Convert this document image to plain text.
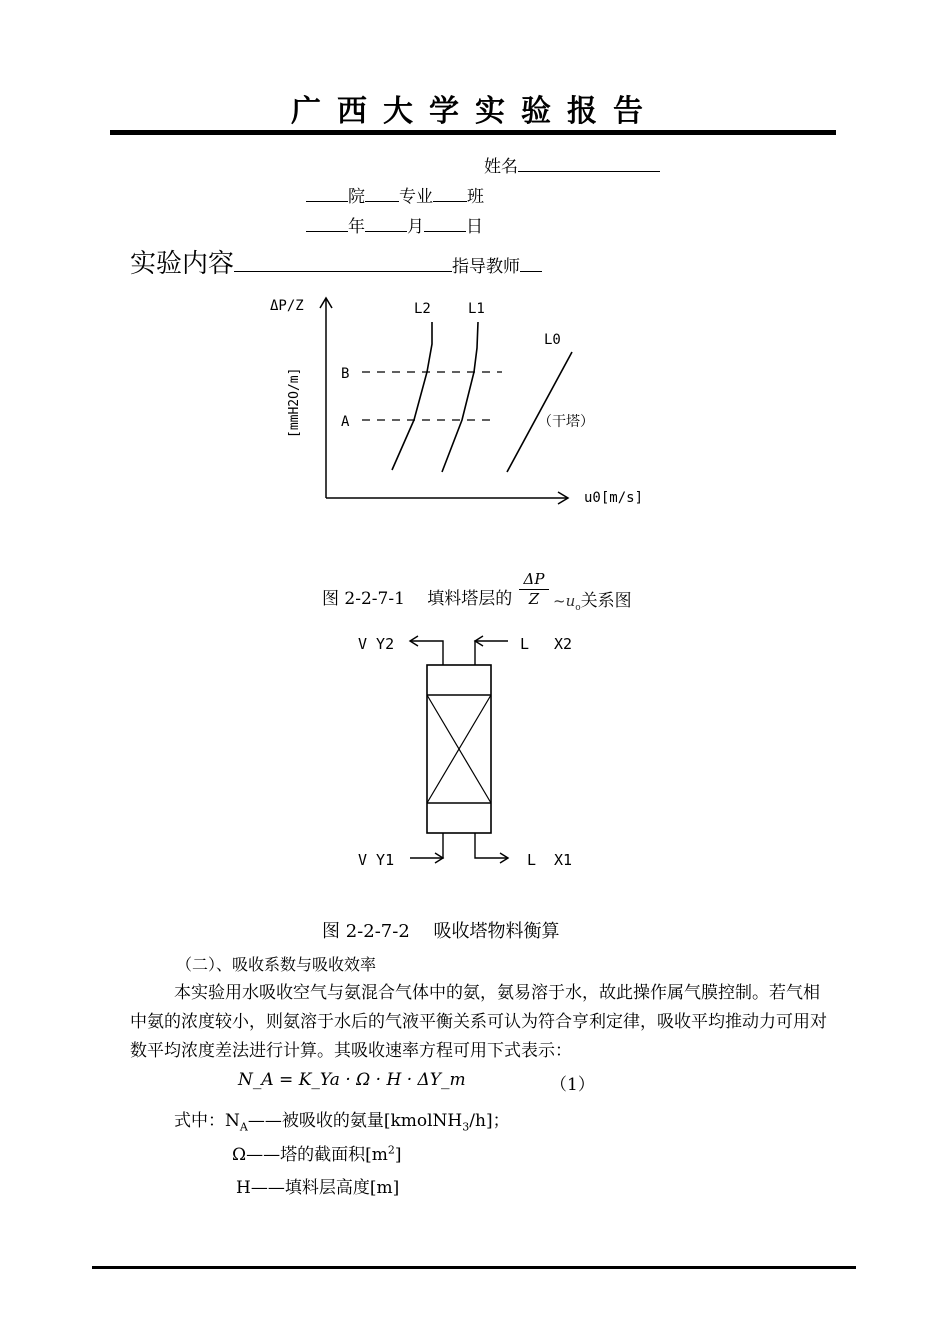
广西大学实验报告
姓名
院 专业 班
年 月 日
实验内容	指导教师
ΔP/Z
[mmH2O/m]
L2	L1
L0
B
A	（干塔）
u0[m/s]
图 2-2-7-1　 填料塔层的 $\frac{\Delta P}{Z}$ $\sim u_o$关系图
V Y2	L X2
V Y1	L X1
图 2-2-7-2　 吸收塔物料衡算
（二）、吸收系数与吸收效率
本实验用水吸收空气与氨混合气体中的氨，氨易溶于水，故此操作属气膜控制。若气相中氨的浓度较小，则氨溶于水后的气液平衡关系可认为符合亨利定律，吸收平均推动力可用对数平均浓度差法进行计算。其吸收速率方程可用下式表示：
N_A = K_Ya · Ω · H · ΔY_m	（1）
式中：$N_A——$被吸收的氨量[kmolNH$_3$/h]；
Ω——塔的截面积$[m^2]$
H——填料层高度[m]
